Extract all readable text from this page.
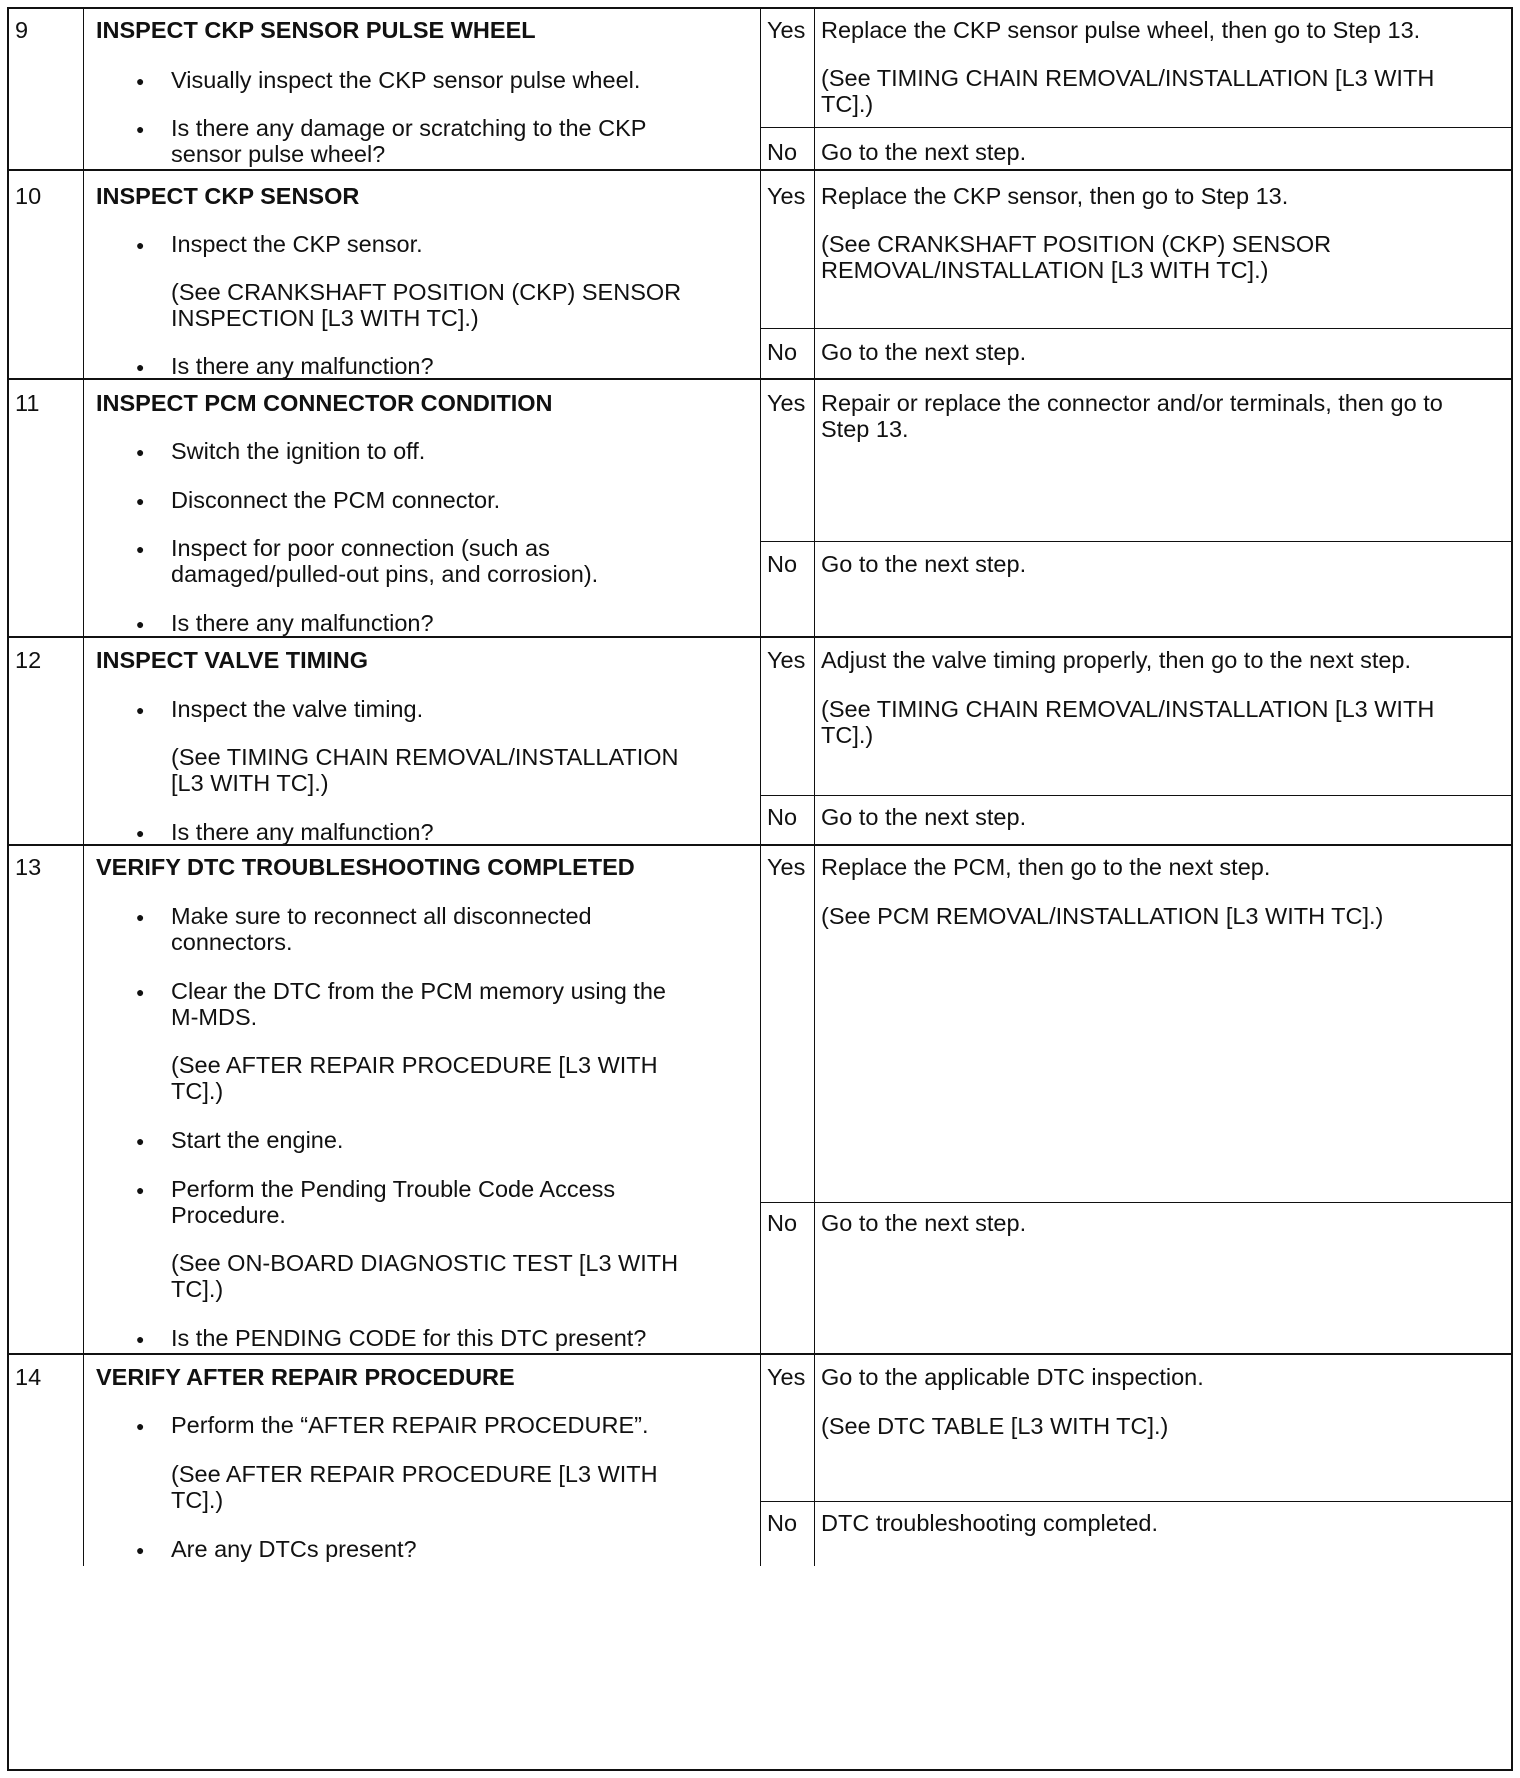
9	INSPECT CKP SENSOR PULSE WHEEL
● Visually inspect the CKP sensor pulse wheel.
● Is there any damage or scratching to the CKP
sensor pulse wheel?
Yes
No
Replace the CKP sensor pulse wheel, then go to Step 13.
(See TIMING CHAIN REMOVAL/INSTALLATION [L3 WITH
TC].)
Go to the next step.
10 INSPECT CKP SENSOR
● Inspect the CKP sensor.
(See CRANKSHAFT POSITION (CKP) SENSOR
INSPECTION [L3 WITH TC].)
● Is there any malfunction?
Yes
No
Replace the CKP sensor, then go to Step 13.
(See CRANKSHAFT POSITION (CKP) SENSOR
REMOVAL/INSTALLATION [L3 WITH TC].)
Go to the next step.
11 INSPECT PCM CONNECTOR CONDITION
● Switch the ignition to off.
● Disconnect the PCM connector.
● Inspect for poor connection (such as
damaged/pulled-out pins, and corrosion).
● Is there any malfunction?
Yes
No
Repair or replace the connector and/or terminals, then go to
Step 13.
Go to the next step.
12 INSPECT VALVE TIMING
● Inspect the valve timing.
(See TIMING CHAIN REMOVAL/INSTALLATION
[L3 WITH TC].)
● Is there any malfunction?
Yes
No
Adjust the valve timing properly, then go to the next step.
(See TIMING CHAIN REMOVAL/INSTALLATION [L3 WITH
TC].)
Go to the next step.
13 VERIFY DTC TROUBLESHOOTING COMPLETED
● Make sure to reconnect all disconnected
connectors.
● Clear the DTC from the PCM memory using the
M-MDS.
(See AFTER REPAIR PROCEDURE [L3 WITH
TC].)
● Start the engine.
● Perform the Pending Trouble Code Access
Procedure.
(See ON-BOARD DIAGNOSTIC TEST [L3 WITH
TC].)
● Is the PENDING CODE for this DTC present?
Yes
No
Replace the PCM, then go to the next step.
(See PCM REMOVAL/INSTALLATION [L3 WITH TC].)
Go to the next step.
14 VERIFY AFTER REPAIR PROCEDURE
● Perform the “AFTER REPAIR PROCEDURE”.
(See AFTER REPAIR PROCEDURE [L3 WITH
TC].)
● Are any DTCs present?
Yes
No
Go to the applicable DTC inspection.
(See DTC TABLE [L3 WITH TC].)
DTC troubleshooting completed.
